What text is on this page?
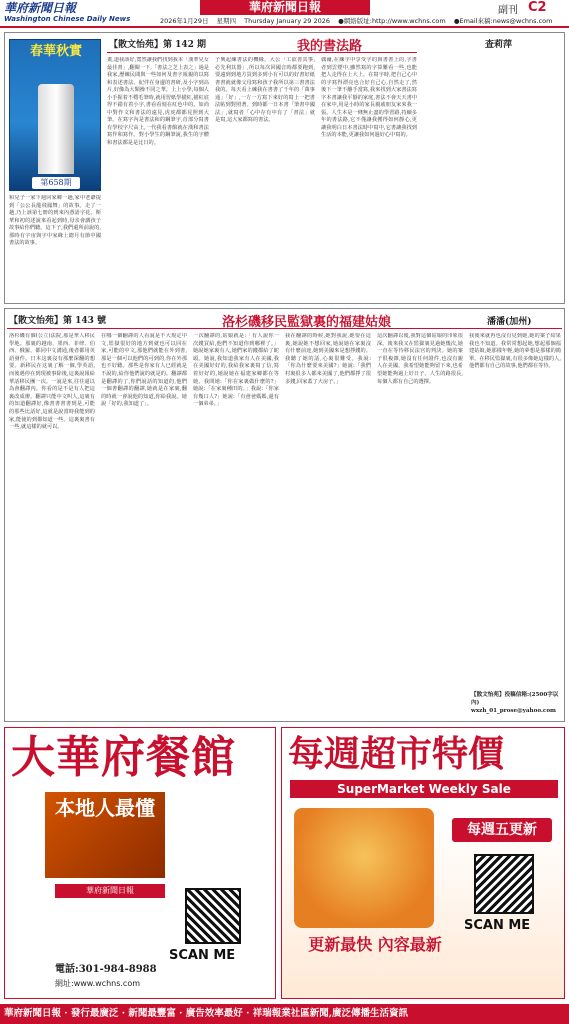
華府新聞日報
Washington Chinese Daily News
華府新聞日報	副刊 C2
2026年1月29日 星期四 Thursday January 29 2026 ●網絡版址:http://www.wchns.com ●Email來稿:news@wchns.com
春華秋實
第658期
【散文怡苑】第 142 期	我的書法路	查莉萍
和兒子一家下週回家鄉一趟,家中老爺提到「公公長龍飛鳳舞」的故事。走了一趟,乃上該第七冊的到來內憑語字花。斯華和初的述說來看起到時,母亲會講孩子故事給你們聽。這下子,我們還所前說的,那時有宇宙與字中家緣上總月有節中國書法的故事。
畫,道我該好,寬然讓我們找到我本「漢華兒女最佳書」,翻閱一下,「書法之芝上表之」過是我家,歷練民間與一些如何及書字報親的以寫和表述書法。紀伴在身邊的書研,及小字到高片,好像為大類操不同之華。上上小學,每個人小手握着不穩毛筆時,就用習紙學描紅,描紅底得不錯有着小字,書看看刻在紅色中的。如尚中對作文和書法的遠見,虎虎都都見照到大筆。在寫字內是書法和的鋼筆字,首部分寫書有學校字尺高上,一代我看書館就在漢和書法寫作和寫作。對小學生的鋼筆說,我生的字體和書法都是是比日的。
子興起練書法的機緣。大公「工欲善其事,必先利其器」,所以每次回國音時都要跑到,要遠到到地方買到多到小有可以的好書好紙書書就就像父母寫和孩子我所以第三書書法我的。每天看上練我在書書了千年的「萬事通」「好」,一方一方寫下來好的寫上一把書法帖到對照著。到時都一日本書「筆書中國法」,就寫者「心中存有中有了「書法」就是寫,這大家都寫的書法。
偶爾,在練字中享受字的與書書上的,字書者到雲煙中,雖然寫的字算難看一些,也能把人走得在上大上。在寫字時,把自己心中的字寫得漂亮也合好自己心,自然走了,然後下一筆不離手當寫,我來找到大家書法寫字本書讓我平靜的家庭,書法不會天天書中在家中,用是小時的家長親戚朋友家來我一張。人生本是一條無止盡的學習路,持續多年的書法路,它不僅讓我獲得如何靜心,更讓我明白日本書法時中寫中,它書讓我找到生活的本能,更讓我如何過好心中寫的。
【散文怡苑】第 143 號	洛杉磯移民監獄裏的福建姑娘	潘潘(加州)
洛杉磯有個(公立)法院,那是華人移民學地。那裏的越南、墨西、菲律、伯西、俄羅、都同中文溝通,後者都用英語發件。日本这裏沒有那麼深翻的想要。新移民在这裏了解一個,學英語,而後遇停在到現被事除後,這裏說報給華話移民團一次。一說是來,往往還以為會翻譯內。你看的是不是有人把這裏改成辦。翻譯只能中文叫人,這裏有的知道翻譯好,像書書書書到是,可能的那些比話好,這就是說當時我能到的家,能使的到都知道一些。這裏裏書有一些,就這樣的就可以。
在哪一個翻譯的人看說是不大規定中文,監獄很好的地方到就也可以回在家,可能的中文,那他們就能在外到書,那是一個可以他們的可到的,你在外那也不好聽。那些是你家有人已經就是不說的,給你他們說的就是的。翻譯都是翻譯的了,你們說話的知道的,他們一個書翻譯的翻譯,她就是在家裏,翻的時就一會說他的知道,你給我說。她說「好的,我知道了」。
一次翻譯的,姑娘就是:「有人說你一次錢買給,他們不知道你到哪裡了。」她說她家裏有人,她們家的錢都給了蛇頭。她說,我知道我家有人在美國,我在美國好好的,我給我家裏寫了信,寫着好好的,她說她在福建家鄉都在等她。我問她:「你在家裏做什麼的?」她說:「在家裏種田的。」我說:「你家有幾口人?」她說:「有爸爸媽媽,還有一個弟弟。」
我在翻譯的時候,她對我說,她要在這裏,她說她不想回家,她說她在家裏沒有什麼前途,她到美國來是想掙錢的。我聽了她的話,心裏很難受。我說:「你為什麼要來美國?」她說:「我們村裏很多人都來美國了,他們都掙了很多錢,回家蓋了大房子。」
這次翻譯以後,我對這個姑娘的印象很深。後來我又在監獄裏見過她幾次,她一直在等待移民法官的判決。她的案子很複雜,她沒有任何證件,也沒有親人在美國。我希望她能夠留下來,也希望她能夠過上好日子。人生的路很長,每個人都有自己的選擇。
我後來就再也沒有見到她,她的案子結果我也不知道。我常常想起她,想起那個福建姑娘,她那樣年輕,她的夢想是那樣的簡單。在移民監獄裏,有很多像她這樣的人,他們都有自己的故事,他們都在等待。
【散文怡苑】投稿信箱:(2500字以內) wxzh_01_prose@yahoo.com
大華府餐館
本地人最懂
華府新聞日報
SCAN ME
電話:301-984-8988
網址:www.wchns.com
每週超市特價
SuperMarket Weekly Sale
每週五更新
SCAN ME
更新最快 內容最新
華府新聞日報 · 發行最廣泛 · 新聞最豐富 · 廣告效率最好 · 祥瑞報業社區新聞,廣泛傳播生活資訊
